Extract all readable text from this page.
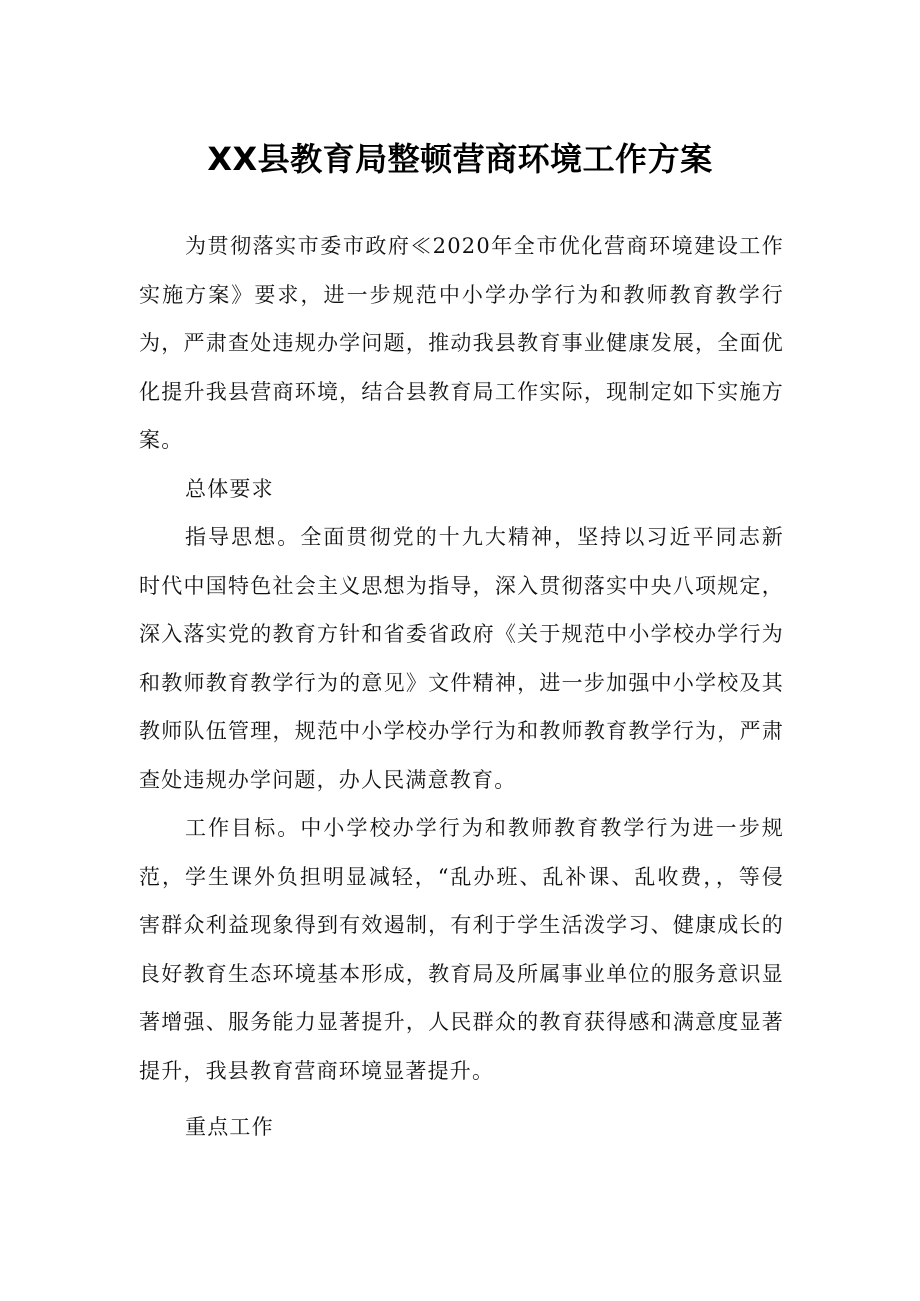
XX县教育局整顿营商环境工作方案

为贯彻落实市委市政府≪2020年全市优化营商环境建设工作实施方案》要求，进一步规范中小学办学行为和教师教育教学行为，严肃查处违规办学问题，推动我县教育事业健康发展，全面优化提升我县营商环境，结合县教育局工作实际，现制定如下实施方案。

总体要求

指导思想。全面贯彻党的十九大精神，坚持以习近平同志新时代中国特色社会主义思想为指导，深入贯彻落实中央八项规定，深入落实党的教育方针和省委省政府《关于规范中小学校办学行为和教师教育教学行为的意见》文件精神，进一步加强中小学校及其教师队伍管理，规范中小学校办学行为和教师教育教学行为，严肃查处违规办学问题，办人民满意教育。

工作目标。中小学校办学行为和教师教育教学行为进一步规范，学生课外负担明显减轻，“乱办班、乱补课、乱收费，，等侵害群众利益现象得到有效遏制，有利于学生活泼学习、健康成长的良好教育生态环境基本形成，教育局及所属事业单位的服务意识显著增强、服务能力显著提升，人民群众的教育获得感和满意度显著提升，我县教育营商环境显著提升。

重点工作
